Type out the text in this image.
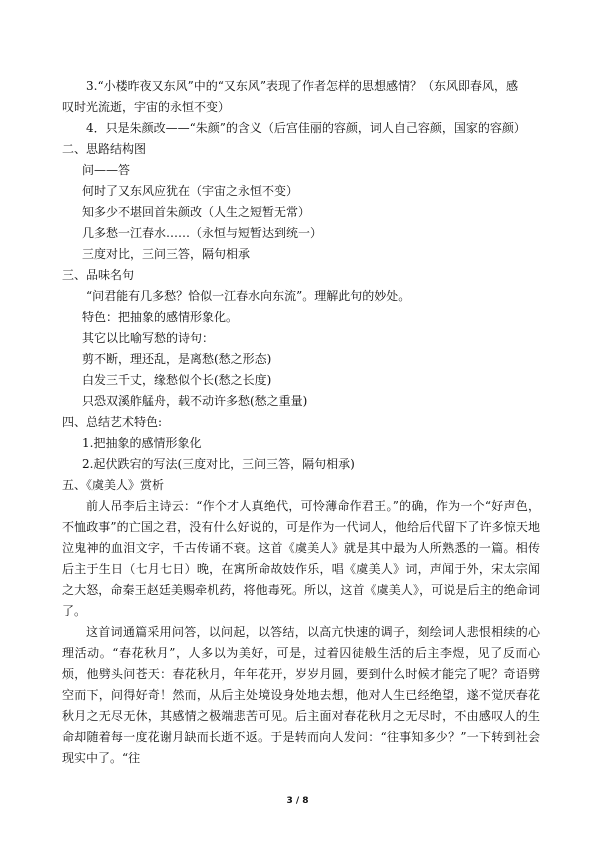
3.“小楼昨夜又东风”中的“又东风”表现了作者怎样的思想感情？（东风即春风，感
叹时光流逝，宇宙的永恒不变）
4．只是朱颜改——“朱颜”的含义（后宫佳丽的容颜，词人自己容颜，国家的容颜）
二、思路结构图
问——答
何时了又东风应犹在（宇宙之永恒不变）
知多少不堪回首朱颜改（人生之短暂无常）
几多愁一江春水……（永恒与短暂达到统一）
三度对比，三问三答，隔句相承
三、品味名句
“问君能有几多愁？恰似一江春水向东流”。理解此句的妙处。
特色：把抽象的感情形象化。
其它以比喻写愁的诗句：
剪不断，理还乱，是离愁(愁之形态)
白发三千丈，缘愁似个长(愁之长度)
只恐双溪舴艋舟，载不动许多愁(愁之重量)
四、总结艺术特色:
1.把抽象的感情形象化
2.起伏跌宕的写法(三度对比，三问三答，隔句相承)
五、《虞美人》赏析

前人吊李后主诗云：“作个才人真绝代，可怜薄命作君王。”的确，作为一个“好声色，不恤政事”的亡国之君，没有什么好说的，可是作为一代词人，他给后代留下了许多惊天地泣鬼神的血泪文字，千古传诵不衰。这首《虞美人》就是其中最为人所熟悉的一篇。相传后主于生日（七月七日）晚，在寓所命故妓作乐，唱《虞美人》词，声闻于外，宋太宗闻之大怒，命秦王赵廷美赐牵机药，将他毒死。所以，这首《虞美人》，可说是后主的绝命词了。

这首词通篇采用问答，以问起，以答结，以高亢快速的调子，刻绘词人悲恨相续的心理活动。“春花秋月”，人多以为美好，可是，过着囚徒般生活的后主李煜，见了反而心烦，他劈头问苍天：春花秋月，年年花开，岁岁月圆，要到什么时候才能完了呢？奇语劈空而下，问得好奇！然而，从后主处境设身处地去想，他对人生已经绝望，遂不觉厌春花秋月之无尽无休，其感情之极端悲苦可见。后主面对春花秋月之无尽时，不由感叹人的生命却随着每一度花谢月缺而长逝不返。于是转而向人发问：“往事知多少？”一下转到社会现实中了。“往

3 / 8
